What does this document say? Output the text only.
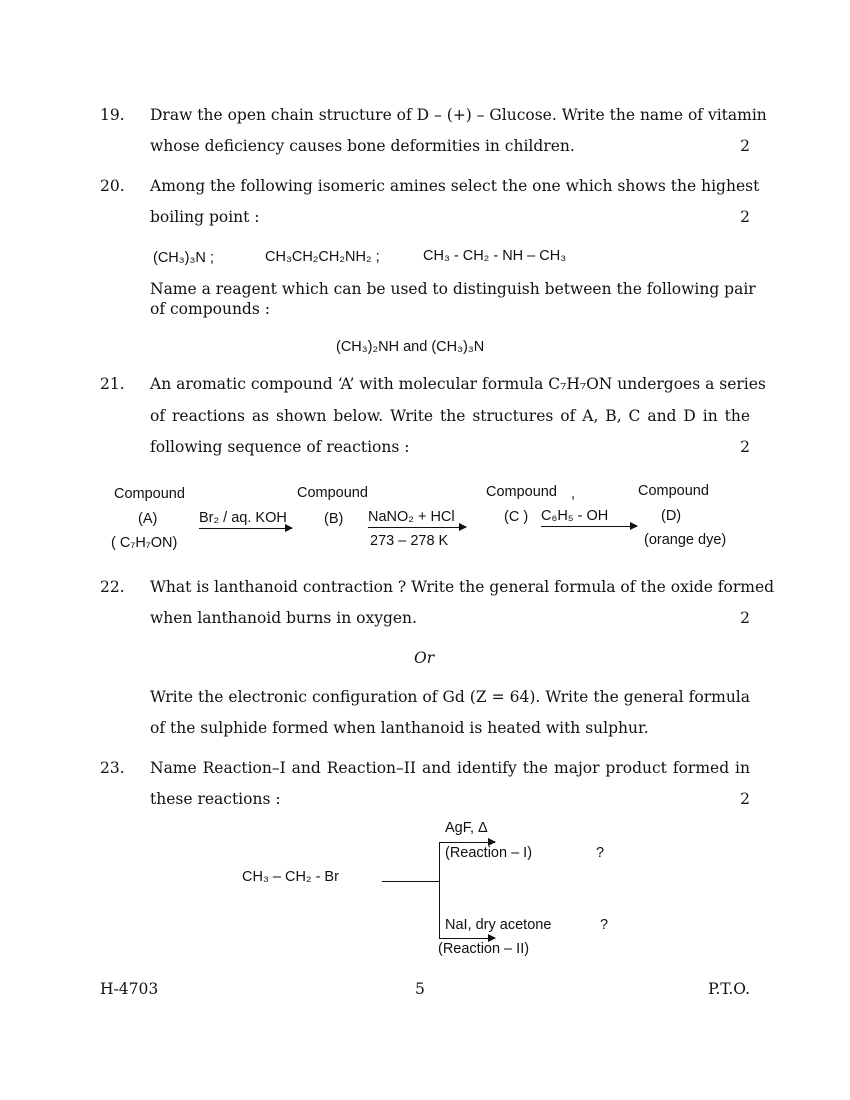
19. Draw the open chain structure of D – (+) – Glucose. Write the name of vitamin
whose deficiency causes bone deformities in children.	2
20. Among the following isomeric amines select the one which shows the highest
boiling point :	2
(CH₃)₃N ;	CH₃CH₂CH₂NH₂ ;	CH₃ - CH₂ - NH – CH₃
Name a reagent which can be used to distinguish between the following pair
of compounds :
(CH₃)₂NH and (CH₃)₃N
21. An aromatic compound ‘A’ with molecular formula C₇H₇ON undergoes a series
of reactions as shown below. Write the structures of A, B, C and D in the
following sequence of reactions :	2
Compound
(A)
( C₇H₇ON)
Br₂ / aq. KOH
Compound
(B) NaNO₂ + HCl
273 – 278 K
Compound ,
(C ) C₆H₅ - OH
Compound
(D)
(orange dye)
22. What is lanthanoid contraction ? Write the general formula of the oxide formed
when lanthanoid burns in oxygen.	2
Or
Write the electronic configuration of Gd (Z = 64). Write the general formula
of the sulphide formed when lanthanoid is heated with sulphur.
23. Name Reaction–I and Reaction–II and identify the major product formed in
these reactions :	2
CH₃ – CH₂ - Br
AgF, Δ
(Reaction – I)	?
NaI, dry acetone
(Reaction – II)
?
H-4703	5	P.T.O.
